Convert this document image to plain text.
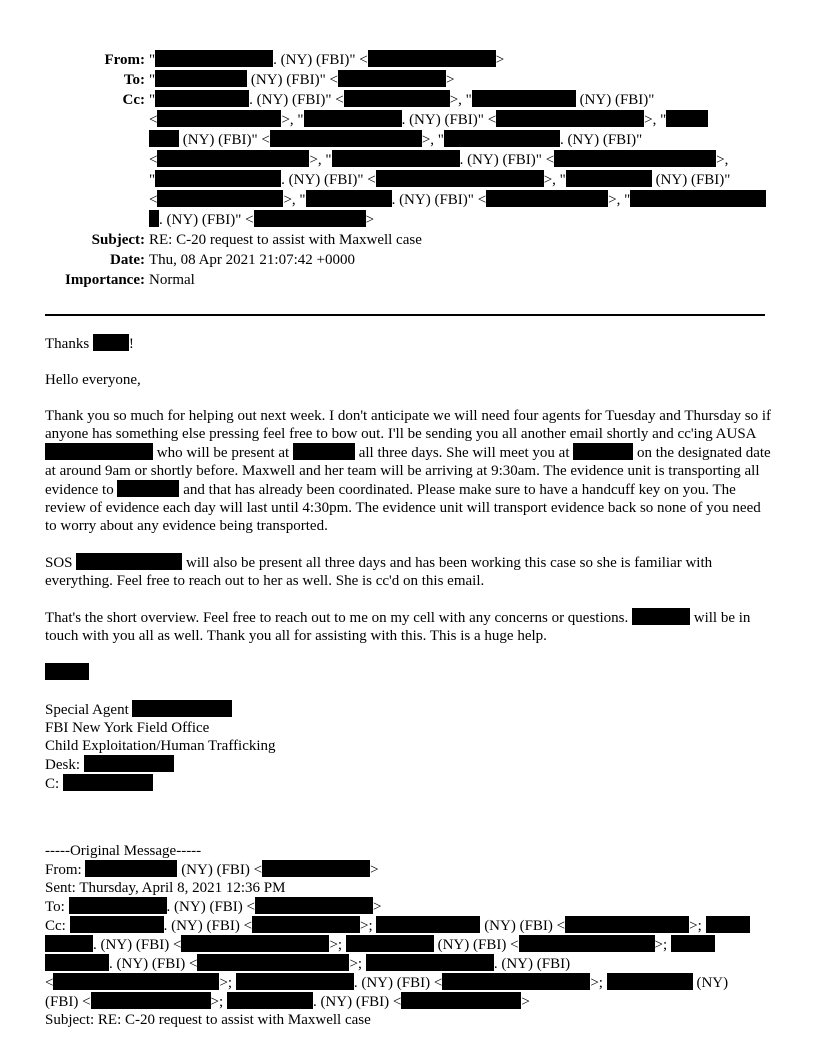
From: "	. (NY) (FBI)" <	>
To: "	(NY) (FBI)" <	>
Cc: "	. (NY) (FBI)" <	>, "	(NY) (FBI)"
<	>, "	. (NY) (FBI)" <	>, "
(NY) (FBI)" <	>, "	. (NY) (FBI)"
<	>, "	. (NY) (FBI)" <	>,
"	. (NY) (FBI)" <	>, "	(NY) (FBI)"
<	>, "	. (NY) (FBI)" <	>, "
. (NY) (FBI)" <	>
Subject: RE: C-20 request to assist with Maxwell case
Date: Thu, 08 Apr 2021 21:07:42 +0000
Importance: Normal

Thanks	!

Hello everyone,

Thank you so much for helping out next week. I don't anticipate we will need four agents for Tuesday and Thursday so if anyone has something else pressing feel free to bow out. I'll be sending you all another email shortly and cc'ing AUSA  who will be present at	all three days. She will meet you at	on the designated date at around 9am or shortly before. Maxwell and her team will be arriving at 9:30am. The evidence unit is transporting all evidence to	and that has already been coordinated. Please make sure to have a handcuff key on you. The review of evidence each day will last until 4:30pm. The evidence unit will transport evidence back so none of you need to worry about any evidence being transported.

SOS	will also be present all three days and has been working this case so she is familiar with everything. Feel free to reach out to her as well. She is cc'd on this email.

That's the short overview. Feel free to reach out to me on my cell with any concerns or questions.	will be in touch with you all as well. Thank you all for assisting with this. This is a huge help.

Special Agent
FBI New York Field Office
Child Exploitation/Human Trafficking
Desk:
C:
-----Original Message-----
From:	(NY) (FBI) <	>
Sent: Thursday, April 8, 2021 12:36 PM
To:	. (NY) (FBI) <	>
Cc:	. (NY) (FBI) <	>;	(NY) (FBI) <	>;
. (NY) (FBI) <	>;	(NY) (FBI) <	>;
. (NY) (FBI) <	>;	. (NY) (FBI)
<	>;	. (NY) (FBI) <	>;	(NY)
(FBI) <	>;	. (NY) (FBI) <	>
Subject: RE: C-20 request to assist with Maxwell case
